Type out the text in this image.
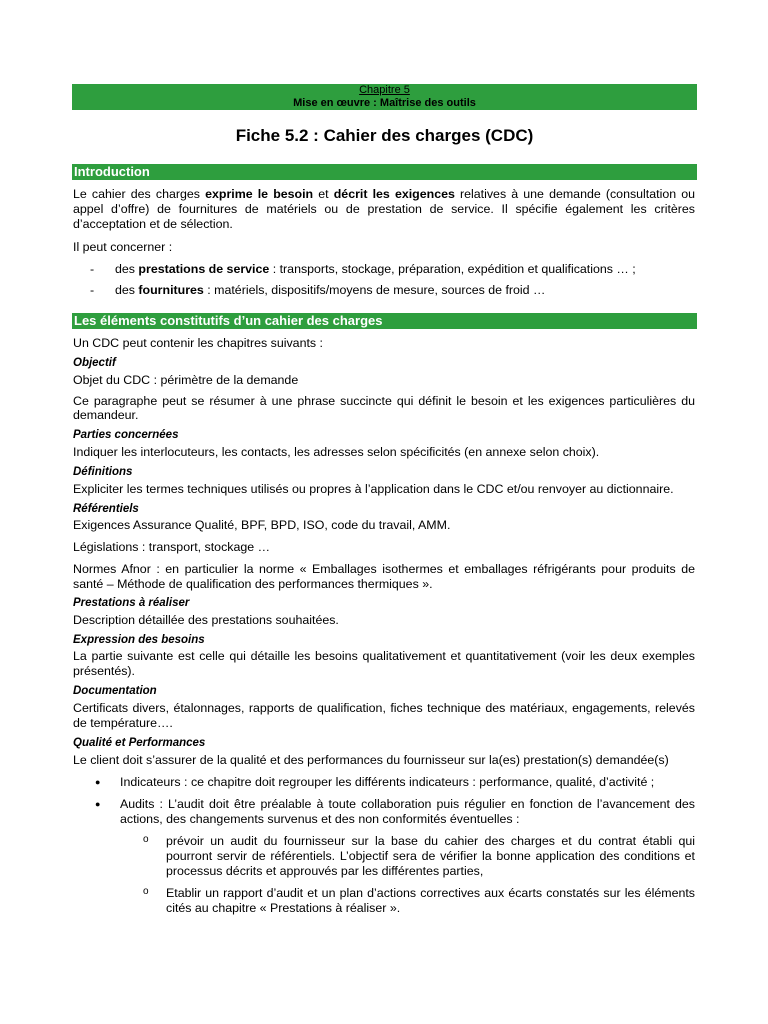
Chapitre 5
Mise en œuvre : Maîtrise des outils
Fiche 5.2 : Cahier des charges (CDC)
Introduction

Le cahier des charges exprime le besoin et décrit les exigences relatives à une demande (consultation ou appel d’offre) de fournitures de matériels ou de prestation de service. Il spécifie également les critères d’acceptation et de sélection.

Il peut concerner :

- des prestations de service : transports, stockage, préparation, expédition et qualifications … ;

- des fournitures : matériels, dispositifs/moyens de mesure, sources de froid …

Les éléments constitutifs d’un cahier des charges

Un CDC peut contenir les chapitres suivants :

Objectif

Objet du CDC : périmètre de la demande

Ce paragraphe peut se résumer à une phrase succincte qui définit le besoin et les exigences particulières du demandeur.

Parties concernées

Indiquer les interlocuteurs, les contacts, les adresses selon spécificités (en annexe selon choix).

Définitions

Expliciter les termes techniques utilisés ou propres à l’application dans le CDC et/ou renvoyer au dictionnaire.

Référentiels

Exigences Assurance Qualité, BPF, BPD, ISO, code du travail, AMM.

Législations : transport, stockage …

Normes Afnor : en particulier la norme « Emballages isothermes et emballages réfrigérants pour produits de santé – Méthode de qualification des performances thermiques ».

Prestations à réaliser

Description détaillée des prestations souhaitées.

Expression des besoins

La partie suivante est celle qui détaille les besoins qualitativement et quantitativement (voir les deux exemples présentés).

Documentation

Certificats divers, étalonnages, rapports de qualification, fiches technique des matériaux, engagements, relevés de température….

Qualité et Performances

Le client doit s’assurer de la qualité et des performances du fournisseur sur la(es) prestation(s) demandée(s)

● Indicateurs : ce chapitre doit regrouper les différents indicateurs : performance, qualité, d’activité ;

● Audits : L’audit doit être préalable à toute collaboration puis régulier en fonction de l’avancement des actions, des changements survenus et des non conformités éventuelles :

o prévoir un audit du fournisseur sur la base du cahier des charges et du contrat établi qui pourront servir de référentiels. L’objectif sera de vérifier la bonne application des conditions et processus décrits et approuvés par les différentes parties,

o Etablir un rapport d’audit et un plan d’actions correctives aux écarts constatés sur les éléments cités au chapitre « Prestations à réaliser ».
